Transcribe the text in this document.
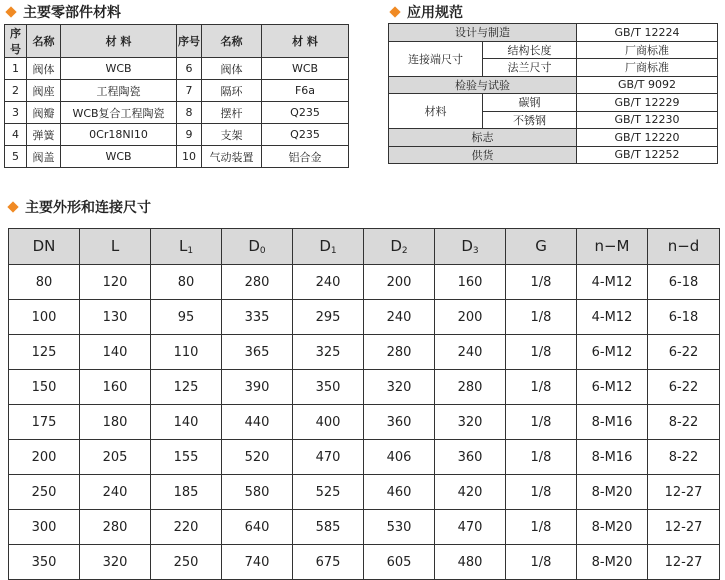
主要零部件材料
序号	名称	材 料	序号	名称	材 料
1	阀体	WCB	6	阀体	WCB
2	阀座	工程陶瓷	7	隔环	F6a
3	阀瓣	WCB复合工程陶瓷	8	摆杆	Q235
4	弹簧	0Cr18NI10	9	支架	Q235
5	阀盖	WCB	10	气动装置	铝合金
应用规范
设计与制造		GB/T 12224
连接端尺寸	结构长度	厂商标准
	法兰尺寸	厂商标准
检验与试验		GB/T 9092
材料	碳钢	GB/T 12229
	不锈钢	GB/T 12230
标志		GB/T 12220
供货		GB/T 12252
主要外形和连接尺寸
DN	L	$L_1$	$D_0$	$D_1$	$D_2$	$D_3$	G	n−M	n−d
80	120	80	280	240	200	160	1/8	4-M12	6-18
100	130	95	335	295	240	200	1/8	4-M12	6-18
125	140	110	365	325	280	240	1/8	6-M12	6-22
150	160	125	390	350	320	280	1/8	6-M12	6-22
175	180	140	440	400	360	320	1/8	8-M16	8-22
200	205	155	520	470	406	360	1/8	8-M16	8-22
250	240	185	580	525	460	420	1/8	8-M20	12-27
300	280	220	640	585	530	470	1/8	8-M20	12-27
350	320	250	740	675	605	480	1/8	8-M20	12-27
